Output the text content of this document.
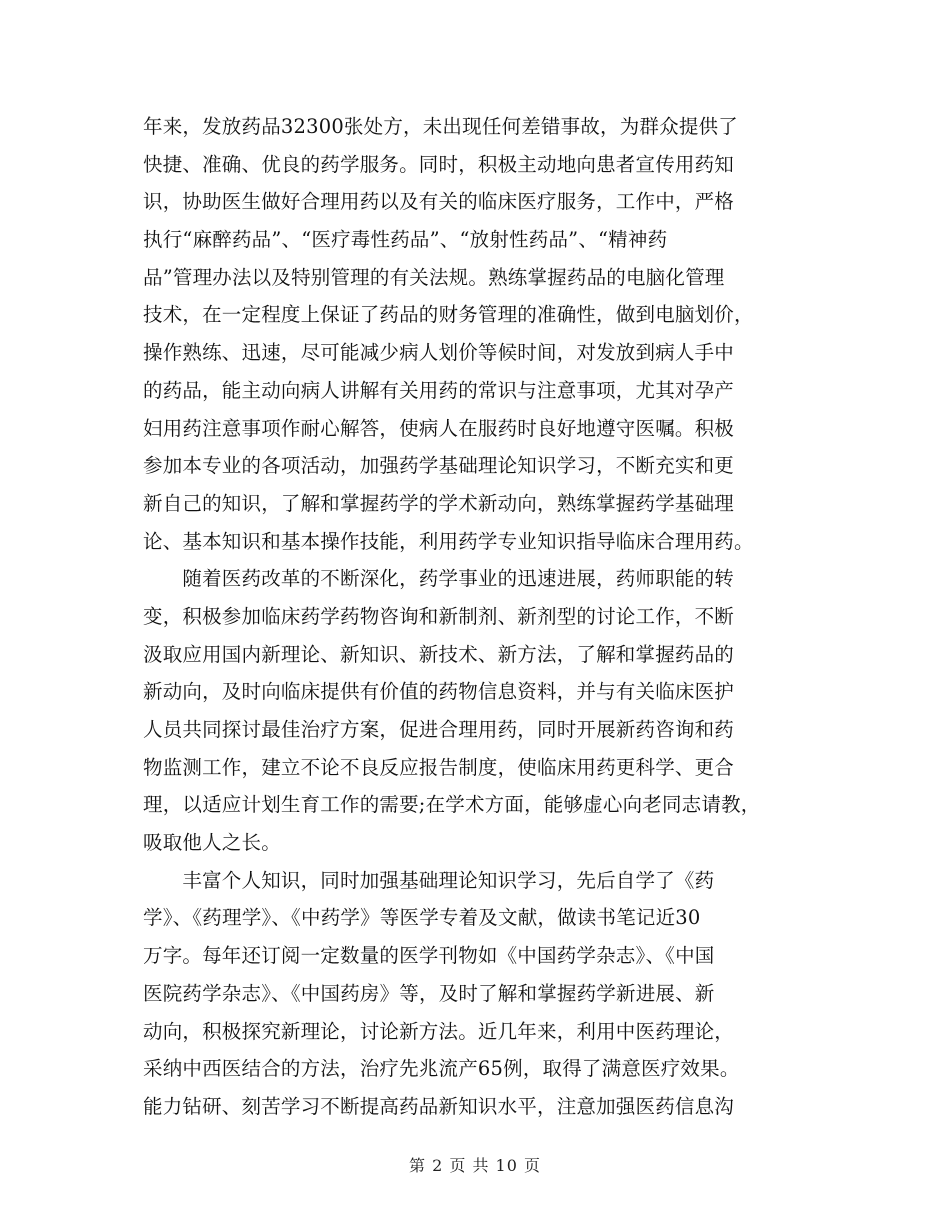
年来，发放药品32300张处方，未出现任何差错事故，为群众提供了
快捷、准确、优良的药学服务。同时，积极主动地向患者宣传用药知
识，协助医生做好合理用药以及有关的临床医疗服务，工作中，严格
执行“麻醉药品”、“医疗毒性药品”、“放射性药品”、“精神药
品”管理办法以及特别管理的有关法规。熟练掌握药品的电脑化管理
技术，在一定程度上保证了药品的财务管理的准确性，做到电脑划价，
操作熟练、迅速，尽可能减少病人划价等候时间，对发放到病人手中
的药品，能主动向病人讲解有关用药的常识与注意事项，尤其对孕产
妇用药注意事项作耐心解答，使病人在服药时良好地遵守医嘱。积极
参加本专业的各项活动，加强药学基础理论知识学习，不断充实和更
新自己的知识，了解和掌握药学的学术新动向，熟练掌握药学基础理
论、基本知识和基本操作技能，利用药学专业知识指导临床合理用药。
　　随着医药改革的不断深化，药学事业的迅速进展，药师职能的转
变，积极参加临床药学药物咨询和新制剂、新剂型的讨论工作，不断
汲取应用国内新理论、新知识、新技术、新方法，了解和掌握药品的
新动向，及时向临床提供有价值的药物信息资料，并与有关临床医护
人员共同探讨最佳治疗方案，促进合理用药，同时开展新药咨询和药
物监测工作，建立不论不良反应报告制度，使临床用药更科学、更合
理，以适应计划生育工作的需要;在学术方面，能够虚心向老同志请教，
吸取他人之长。
　　丰富个人知识，同时加强基础理论知识学习，先后自学了《药
学》、《药理学》、《中药学》等医学专着及文献，做读书笔记近30
万字。每年还订阅一定数量的医学刊物如《中国药学杂志》、《中国
医院药学杂志》、《中国药房》等，及时了解和掌握药学新进展、新
动向，积极探究新理论，讨论新方法。近几年来，利用中医药理论，
采纳中西医结合的方法，治疗先兆流产65例，取得了满意医疗效果。
能力钻研、刻苦学习不断提高药品新知识水平，注意加强医药信息沟
第 2 页 共 10 页
